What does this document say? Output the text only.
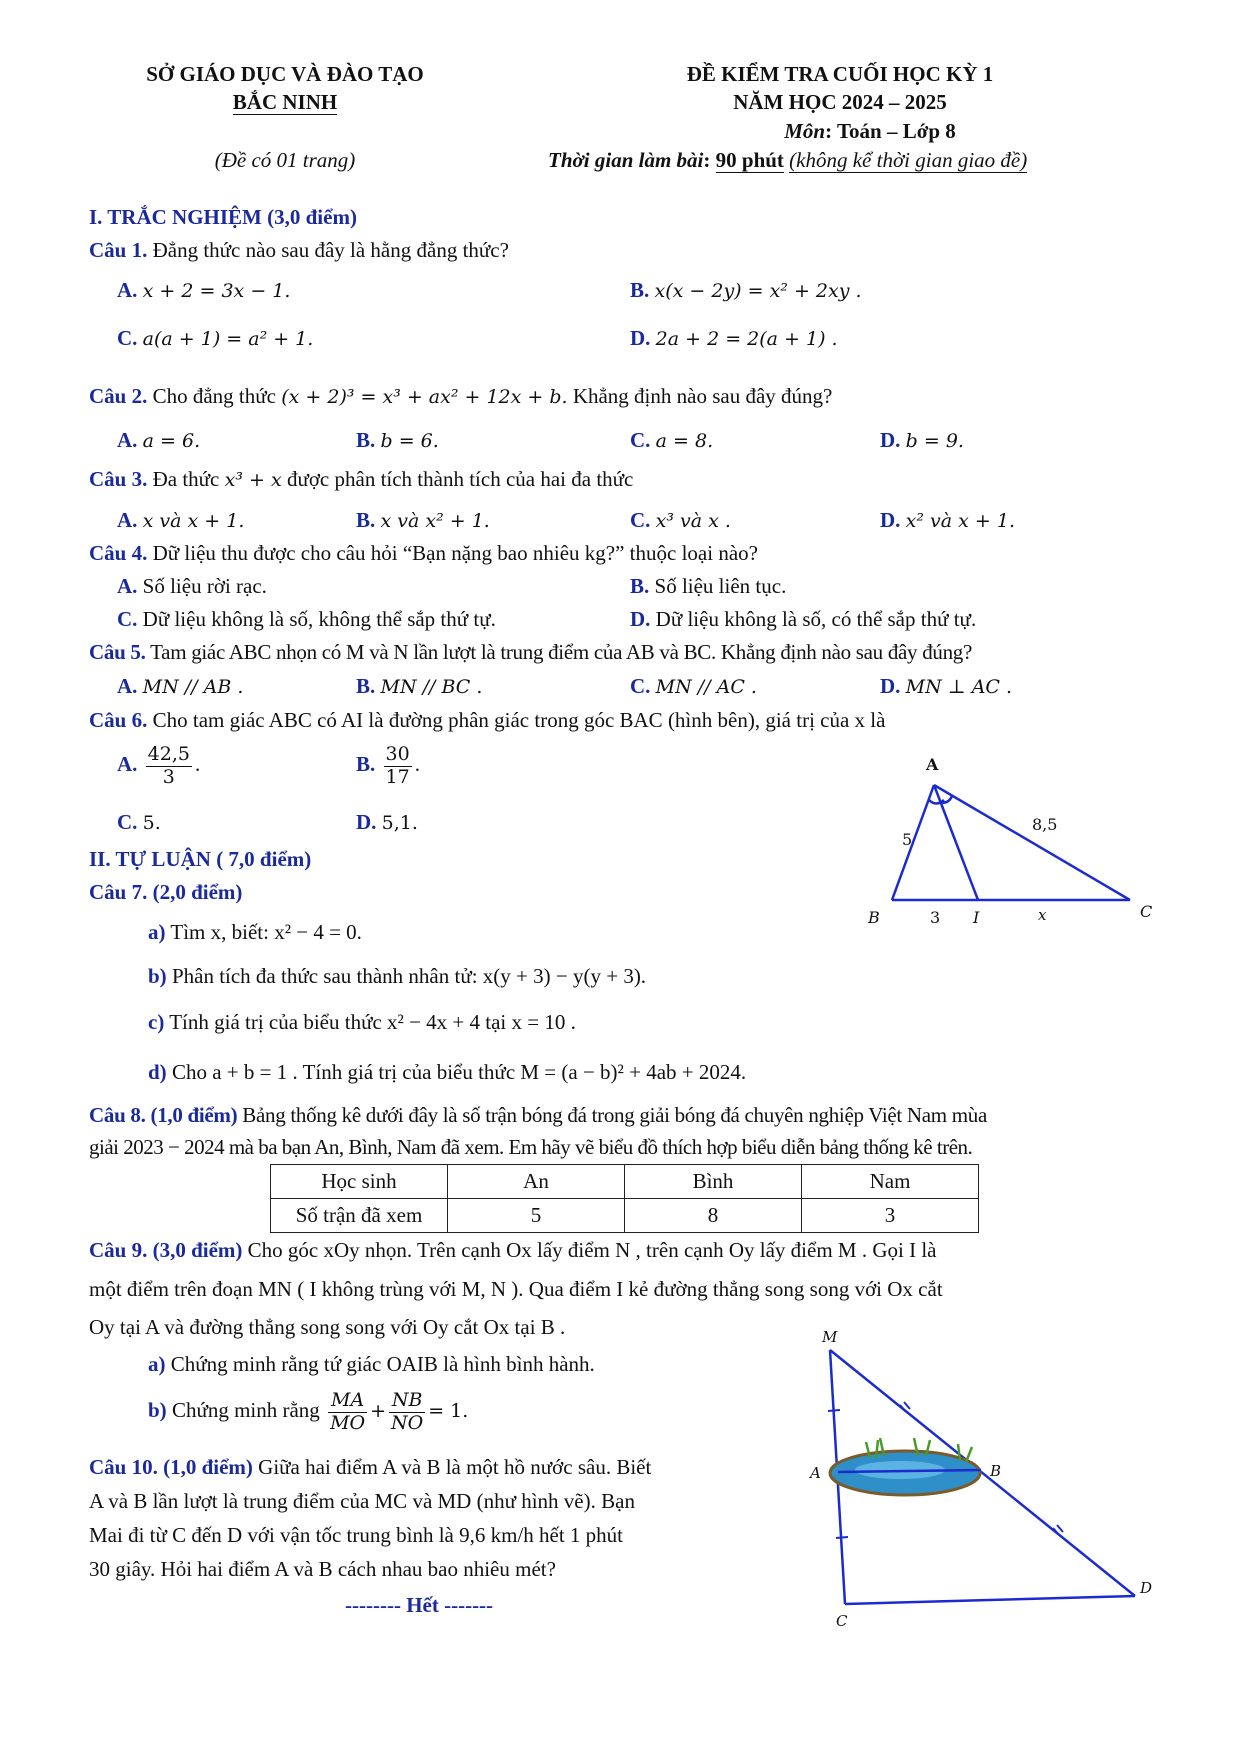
SỞ GIÁO DỤC VÀ ĐÀO TẠO
BẮC NINH
(Đề có 01 trang)
ĐỀ KIỂM TRA CUỐI HỌC KỲ 1
NĂM HỌC 2024 – 2025
Môn: Toán – Lớp 8
Thời gian làm bài: 90 phút (không kể thời gian giao đề)
I. TRẮC NGHIỆM (3,0 điểm)
Câu 1. Đẳng thức nào sau đây là hằng đẳng thức?
A. x + 2 = 3x − 1.	B. x(x − 2y) = x² + 2xy .
C. a(a + 1) = a² + 1.	D. 2a + 2 = 2(a + 1) .
Câu 2. Cho đẳng thức (x + 2)³ = x³ + ax² + 12x + b. Khẳng định nào sau đây đúng?
A. a = 6.	B. b = 6.	C. a = 8.	D. b = 9.
Câu 3. Đa thức x³ + x được phân tích thành tích của hai đa thức
A. x và x + 1.	B. x và x² + 1.	C. x³ và x .	D. x² và x + 1.
Câu 4. Dữ liệu thu được cho câu hỏi “Bạn nặng bao nhiêu kg?” thuộc loại nào?
A. Số liệu rời rạc.	B. Số liệu liên tục.
C. Dữ liệu không là số, không thể sắp thứ tự.	D. Dữ liệu không là số, có thể sắp thứ tự.
Câu 5. Tam giác ABC nhọn có M và N lần lượt là trung điểm của AB và BC. Khẳng định nào sau đây đúng?
A. MN // AB .	B. MN // BC .	C. MN // AC .	D. MN ⊥ AC .
Câu 6. Cho tam giác ABC có AI là đường phân giác trong góc BAC (hình bên), giá trị của x là
A. $\frac{42,5}{3}$ .	B. $\frac{30}{17}$ .
C. 5.	D. 5,1.
A
B	C
I	x
5
8,5
3
II. TỰ LUẬN ( 7,0 điểm)
Câu 7. (2,0 điểm)
a) Tìm x, biết: x² − 4 = 0.
b) Phân tích đa thức sau thành nhân tử: x(y + 3) − y(y + 3).
c) Tính giá trị của biểu thức x² − 4x + 4 tại x = 10 .
d) Cho a + b = 1 . Tính giá trị của biểu thức M = (a − b)² + 4ab + 2024.
Câu 8. (1,0 điểm) Bảng thống kê dưới đây là số trận bóng đá trong giải bóng đá chuyên nghiệp Việt Nam mùa
giải 2023 − 2024 mà ba bạn An, Bình, Nam đã xem. Em hãy vẽ biểu đồ thích hợp biểu diễn bảng thống kê trên.
Học sinh	An	Bình	Nam
Số trận đã xem	5	8	3
Câu 9. (3,0 điểm) Cho góc xOy nhọn. Trên cạnh Ox lấy điểm N , trên cạnh Oy lấy điểm M . Gọi I là
một điểm trên đoạn MN ( I không trùng với M, N ). Qua điểm I kẻ đường thẳng song song với Ox cắt
Oy tại A và đường thẳng song song với Oy cắt Ox tại B .
a) Chứng minh rằng tứ giác OAIB là hình bình hành.
b) Chứng minh rằng $\frac{MA}{MO} + \frac{NB}{NO} = 1$.
Câu 10. (1,0 điểm) Giữa hai điểm A và B là một hồ nước sâu. Biết
A và B lần lượt là trung điểm của MC và MD (như hình vẽ). Bạn
Mai đi từ C đến D với vận tốc trung bình là 9,6 km/h hết 1 phút
30 giây. Hỏi hai điểm A và B cách nhau bao nhiêu mét?
M
A	B
C
D
-------- Hết -------
